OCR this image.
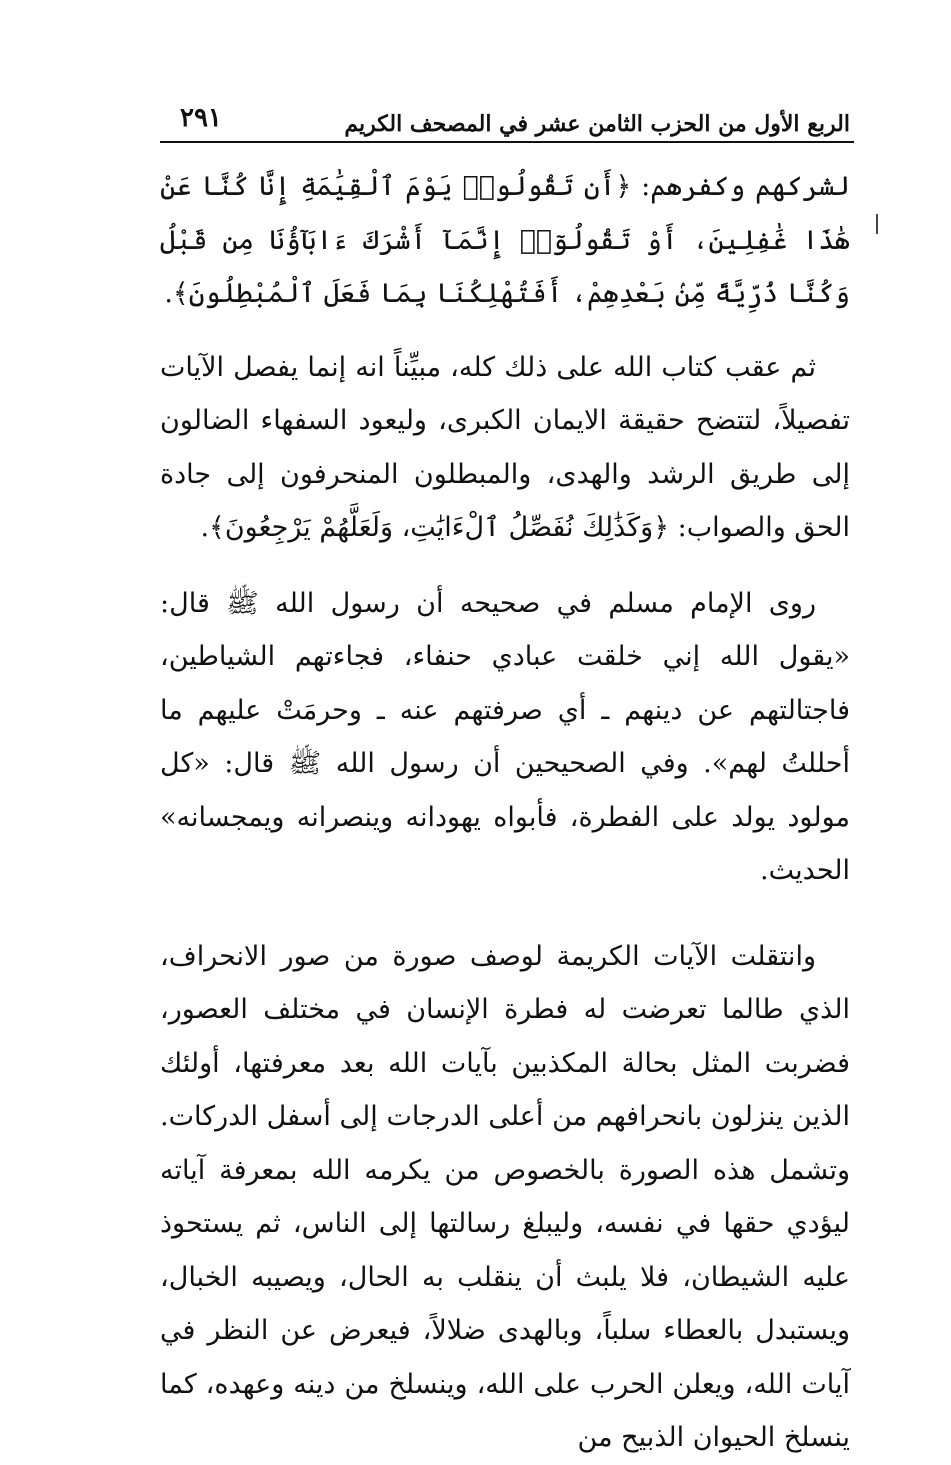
الربع الأول من الحزب الثامن عشر في المصحف الكريم
٢٩١

لشركهم وكفرهم: ﴿أَن تَقُولُوا۟ يَوْمَ ٱلْقِيَٰمَةِ إِنَّا كُنَّا عَنْ هَٰذَا غَٰفِلِينَ، أَوْ تَقُولُوٓا۟ إِنَّمَآ أَشْرَكَ ءَابَآؤُنَا مِن قَبْلُ وَكُنَّا ذُرِّيَّةً مِّنۢ بَعْدِهِمْ، أَفَتُهْلِكُنَا بِمَا فَعَلَ ٱلْمُبْطِلُونَ﴾.

ثم عقب كتاب الله على ذلك كله، مبيِّناً انه إنما يفصل الآيات تفصيلاً، لتتضح حقيقة الايمان الكبرى، وليعود السفهاء الضالون إلى طريق الرشد والهدى، والمبطلون المنحرفون إلى جادة الحق والصواب: ﴿وَكَذَٰلِكَ نُفَصِّلُ ٱلْءَايَٰتِ، وَلَعَلَّهُمْ يَرْجِعُونَ﴾.

روى الإمام مسلم في صحيحه أن رسول الله ﷺ قال: «يقول الله إني خلقت عبادي حنفاء، فجاءتهم الشياطين، فاجتالتهم عن دينهم ـ أي صرفتهم عنه ـ وحرمَتْ عليهم ما أحللتُ لهم». وفي الصحيحين أن رسول الله ﷺ قال: «كل مولود يولد على الفطرة، فأبواه يهودانه وينصرانه ويمجسانه» الحديث.

وانتقلت الآيات الكريمة لوصف صورة من صور الانحراف، الذي طالما تعرضت له فطرة الإنسان في مختلف العصور، فضربت المثل بحالة المكذبين بآيات الله بعد معرفتها، أولئك الذين ينزلون بانحرافهم من أعلى الدرجات إلى أسفل الدركات. وتشمل هذه الصورة بالخصوص من يكرمه الله بمعرفة آياته ليؤدي حقها في نفسه، وليبلغ رسالتها إلى الناس، ثم يستحوذ عليه الشيطان، فلا يلبث أن ينقلب به الحال، ويصيبه الخبال، ويستبدل بالعطاء سلباً، وبالهدى ضلالاً، فيعرض عن النظر في آيات الله، ويعلن الحرب على الله، وينسلخ من دينه وعهده، كما ينسلخ الحيوان الذبيح من
